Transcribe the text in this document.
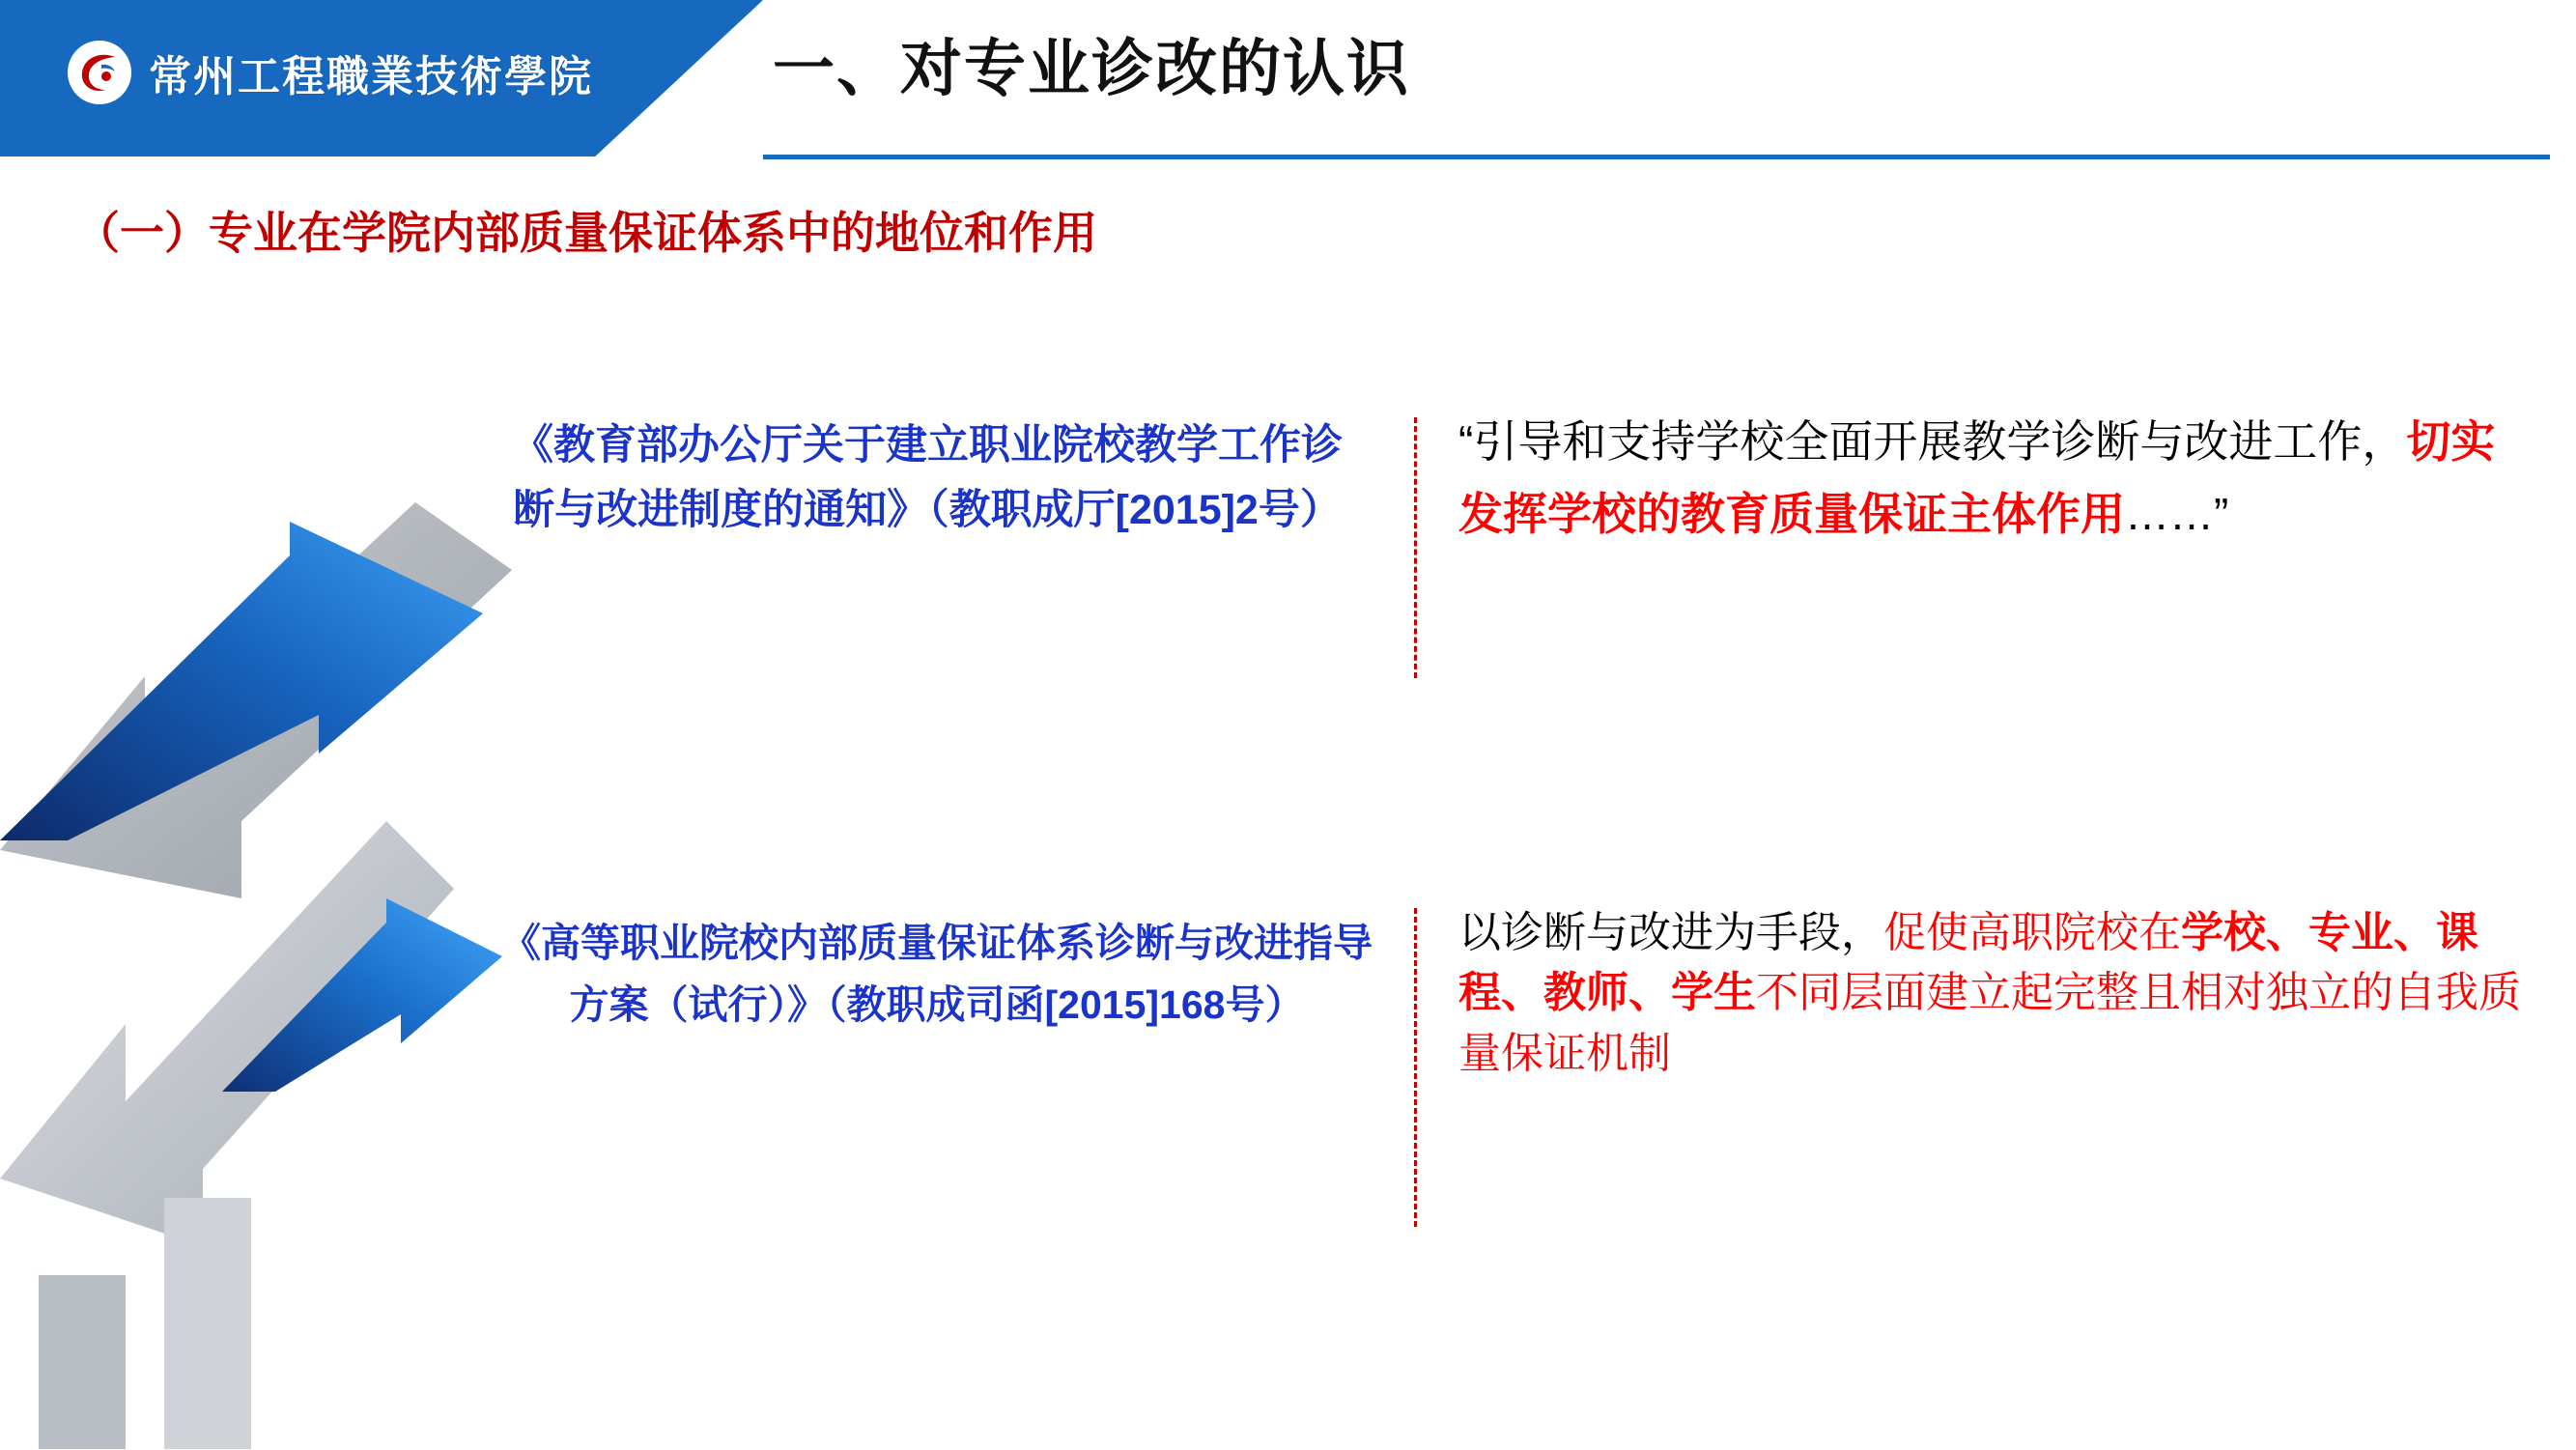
常州工程職業技術學院	一、对专业诊改的认识
（一）专业在学院内部质量保证体系中的地位和作用
《教育部办公厅关于建立职业院校教学工作诊断与改进制度的通知》（教职成厅[2015]2号）
“引导和支持学校全面开展教学诊断与改进工作，切实发挥学校的教育质量保证主体作用……”
《高等职业院校内部质量保证体系诊断与改进指导方案（试行）》（教职成司函[2015]168号）
以诊断与改进为手段，促使高职院校在学校、专业、课程、教师、学生不同层面建立起完整且相对独立的自我质量保证机制
